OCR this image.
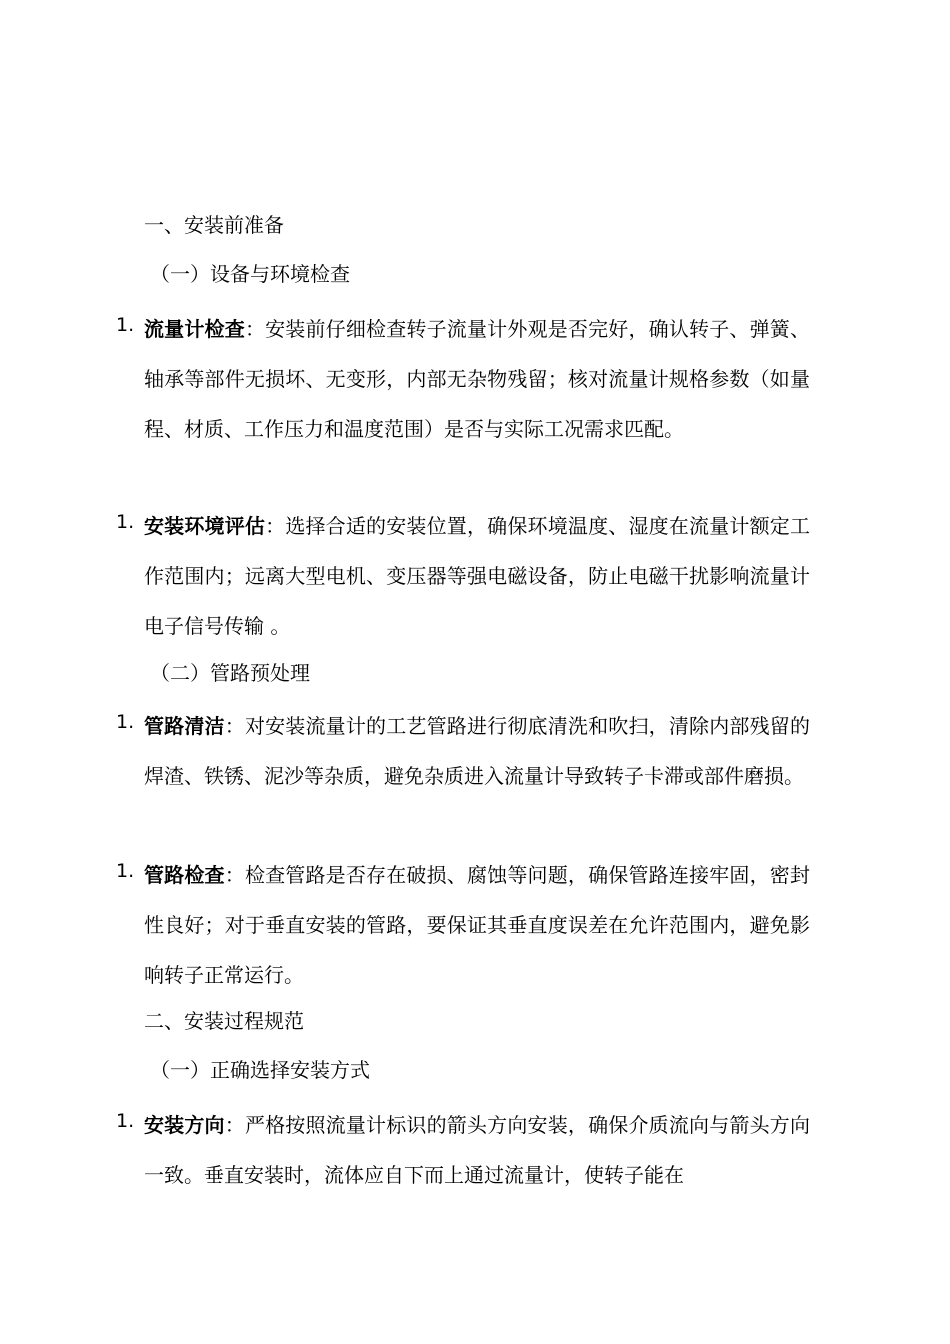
一、安装前准备
（一）设备与环境检查
1. 流量计检查：安装前仔细检查转子流量计外观是否完好，确认转子、弹簧、轴承等部件无损坏、无变形，内部无杂物残留；核对流量计规格参数（如量程、材质、工作压力和温度范围）是否与实际工况需求匹配。
1. 安装环境评估：选择合适的安装位置，确保环境温度、湿度在流量计额定工作范围内；远离大型电机、变压器等强电磁设备，防止电磁干扰影响流量计电子信号传输 。
（二）管路预处理
1. 管路清洁：对安装流量计的工艺管路进行彻底清洗和吹扫，清除内部残留的焊渣、铁锈、泥沙等杂质，避免杂质进入流量计导致转子卡滞或部件磨损。
1. 管路检查：检查管路是否存在破损、腐蚀等问题，确保管路连接牢固，密封性良好；对于垂直安装的管路，要保证其垂直度误差在允许范围内，避免影响转子正常运行。
二、安装过程规范
（一）正确选择安装方式
1. 安装方向：严格按照流量计标识的箭头方向安装，确保介质流向与箭头方向一致。垂直安装时，流体应自下而上通过流量计，使转子能在
